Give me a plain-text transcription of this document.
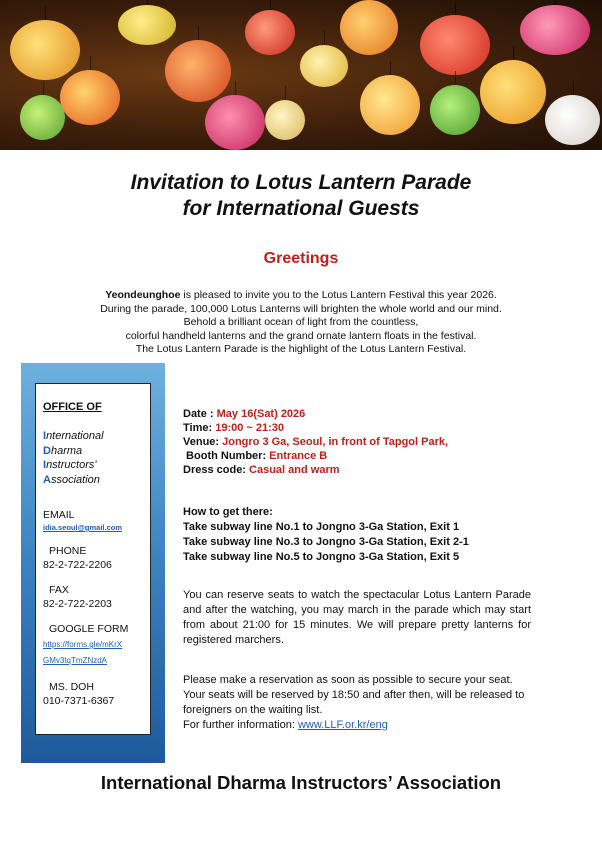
Invitation to Lotus Lantern Parade
for International Guests
Greetings
Yeondeunghoe is pleased to invite you to the Lotus Lantern Festival this year 2026.
During the parade, 100,000 Lotus Lanterns will brighten the whole world and our mind.
Behold a brilliant ocean of light from the countless,
colorful handheld lanterns and the grand ornate lantern floats in the festival.
The Lotus Lantern Parade is the highlight of the Lotus Lantern Festival.
OFFICE OF
International
Dharma
Instructors'
Association
EMAIL
idia.seoul@gmail.com
PHONE
82-2-722-2206
FAX
82-2-722-2203
GOOGLE FORM
https://forms.gle/mKrX
GMv3tqTmZNzdA
MS. DOH
010-7371-6367
Date : May 16(Sat) 2026
Time: 19:00 ~ 21:30
Venue: Jongro 3 Ga, Seoul, in front of Tapgol Park,
Booth Number: Entrance B
Dress code: Casual and warm
How to get there:
Take subway line No.1 to Jongno 3-Ga Station, Exit 1
Take subway line No.3 to Jongno 3-Ga Station, Exit 2-1
Take subway line No.5 to Jongno 3-Ga Station, Exit 5
You can reserve seats to watch the spectacular Lotus Lantern Parade and after the watching, you may march in the parade which may start from about 21:00 for 15 minutes. We will prepare pretty lanterns for registered marchers.
Please make a reservation as soon as possible to secure your seat. Your seats will be reserved by 18:50 and after then, will be released to foreigners on the waiting list.
For further information: www.LLF.or.kr/eng
International Dharma Instructors’ Association
